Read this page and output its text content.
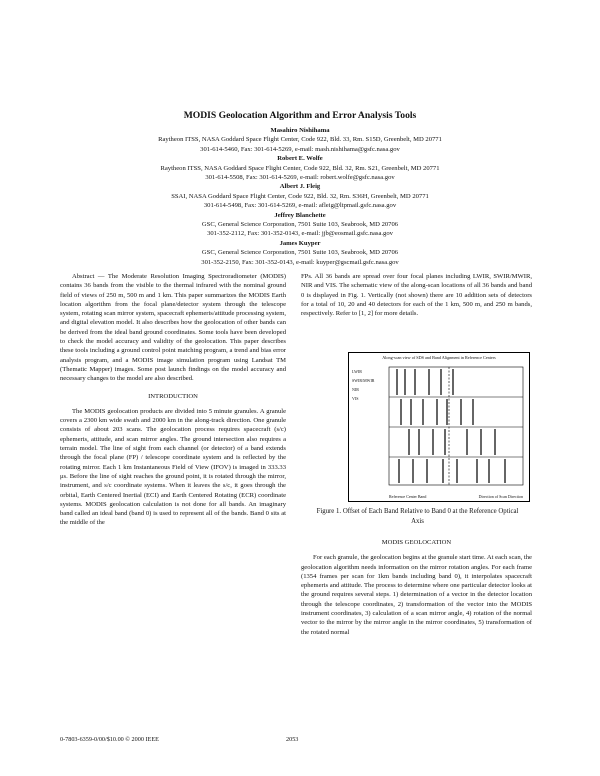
MODIS Geolocation Algorithm and Error Analysis Tools
Masahiro Nishihama
Raytheon ITSS, NASA Goddard Space Flight Center, Code 922, Bld. 33, Rm. S15D, Greenbelt, MD 20771
301-614-5460, Fax: 301-614-5269, e-mail: mash.nishihama@gsfc.nasa.gov
Robert E. Wolfe
Raytheon ITSS, NASA Goddard Space Flight Center, Code 922, Bld. 32, Rm. S21, Greenbelt, MD 20771
301-614-5508, Fax: 301-614-5269, e-mail: robert.wolfe@gsfc.nasa.gov
Albert J. Fleig
SSAI, NASA Goddard Space Flight Center, Code 922, Bld. 32, Rm. S36H, Greenbelt, MD 20771
301-614-5498, Fax: 301-614-5269, e-mail: afleig@ltpmail.gsfc.nasa.gov
Jeffrey Blanchette
GSC, General Science Corporation, 7501 Suite 103, Seabrook, MD 20706
301-352-2112, Fax: 301-352-0143, e-mail: jjb@eosmail.gsfc.nasa.gov
James Kuyper
GSC, General Science Corporation, 7501 Suite 103, Seabrook, MD 20706
301-352-2150, Fax: 301-352-0143, e-mail: kuyper@gscmail.gsfc.nasa.gov

Abstract — The Moderate Resolution Imaging Spectroradiometer (MODIS) contains 36 bands from the visible to the thermal infrared with the nominal ground field of views of 250 m, 500 m and 1 km. This paper summarizes the MODIS Earth location algorithm from the focal plane/detector system through the telescope system, rotating scan mirror system, spacecraft ephemeris/attitude processing system, and digital elevation model. It also describes how the geolocation of other bands can be derived from the ideal band ground coordinates. Some tools have been developed to check the model accuracy and validity of the geolocation. This paper describes these tools including a ground control point matching program, a trend and bias error analysis program, and a MODIS image simulation program using Landsat TM (Thematic Mapper) images. Some post launch findings on the model accuracy and necessary changes to the model are also described.

INTRODUCTION

The MODIS geolocation products are divided into 5 minute granules. A granule covers a 2300 km wide swath and 2000 km in the along-track direction. One granule consists of about 203 scans. The geolocation process requires spacecraft (s/c) ephemeris, attitude, and scan mirror angles. The ground intersection also requires a terrain model. The line of sight from each channel (or detector) of a band extends through the focal plane (FP) / telescope coordinate system and is reflected by the rotating mirror. Each 1 km Instantaneous Field of View (IFOV) is imaged in 333.33 μs. Before the line of sight reaches the ground point, it is rotated through the mirror, instrument, and s/c coordinate systems. When it leaves the s/c, it goes through the orbital, Earth Centered Inertial (ECI) and Earth Centered Rotating (ECR) coordinate systems. MODIS geolocation calculation is not done for all bands. An imaginary band called an ideal band (band 0) is used to represent all of the bands. Band 0 sits at the middle of the

FPs. All 36 bands are spread over four focal planes including LWIR, SWIR/MWIR, NIR and VIS. The schematic view of the along-scan locations of all 36 bands and band 0 is displayed in Fig. 1. Vertically (not shown) there are 10 addition sets of detectors for a total of 10, 20 and 40 detectors for each of the 1 km, 500 m, and 250 m bands, respectively. Refer to [1, 2] for more details.

Along-scan view of SDS and Band Alignment in Reference Centers
LWIR
SWIR/MWIR
NIR
VIS
Reference Center Band	Direction of Scan Direction
Figure 1. Offset of Each Band Relative to Band 0 at the Reference Optical Axis
MODIS GEOLOCATION

For each granule, the geolocation begins at the granule start time. At each scan, the geolocation algorithm needs information on the mirror rotation angles. For each frame (1354 frames per scan for 1km bands including band 0), it interpolates spacecraft ephemeris and attitude. The process to determine where one particular detector looks at the ground requires several steps. 1) determination of a vector in the detector location through the telescope coordinates, 2) transformation of the vector into the MODIS instrument coordinates, 3) calculation of a scan mirror angle, 4) rotation of the normal vector to the mirror by the mirror angle in the mirror coordinates, 5) transformation of the rotated normal

0-7803-6359-0/00/$10.00 © 2000 IEEE	2053
